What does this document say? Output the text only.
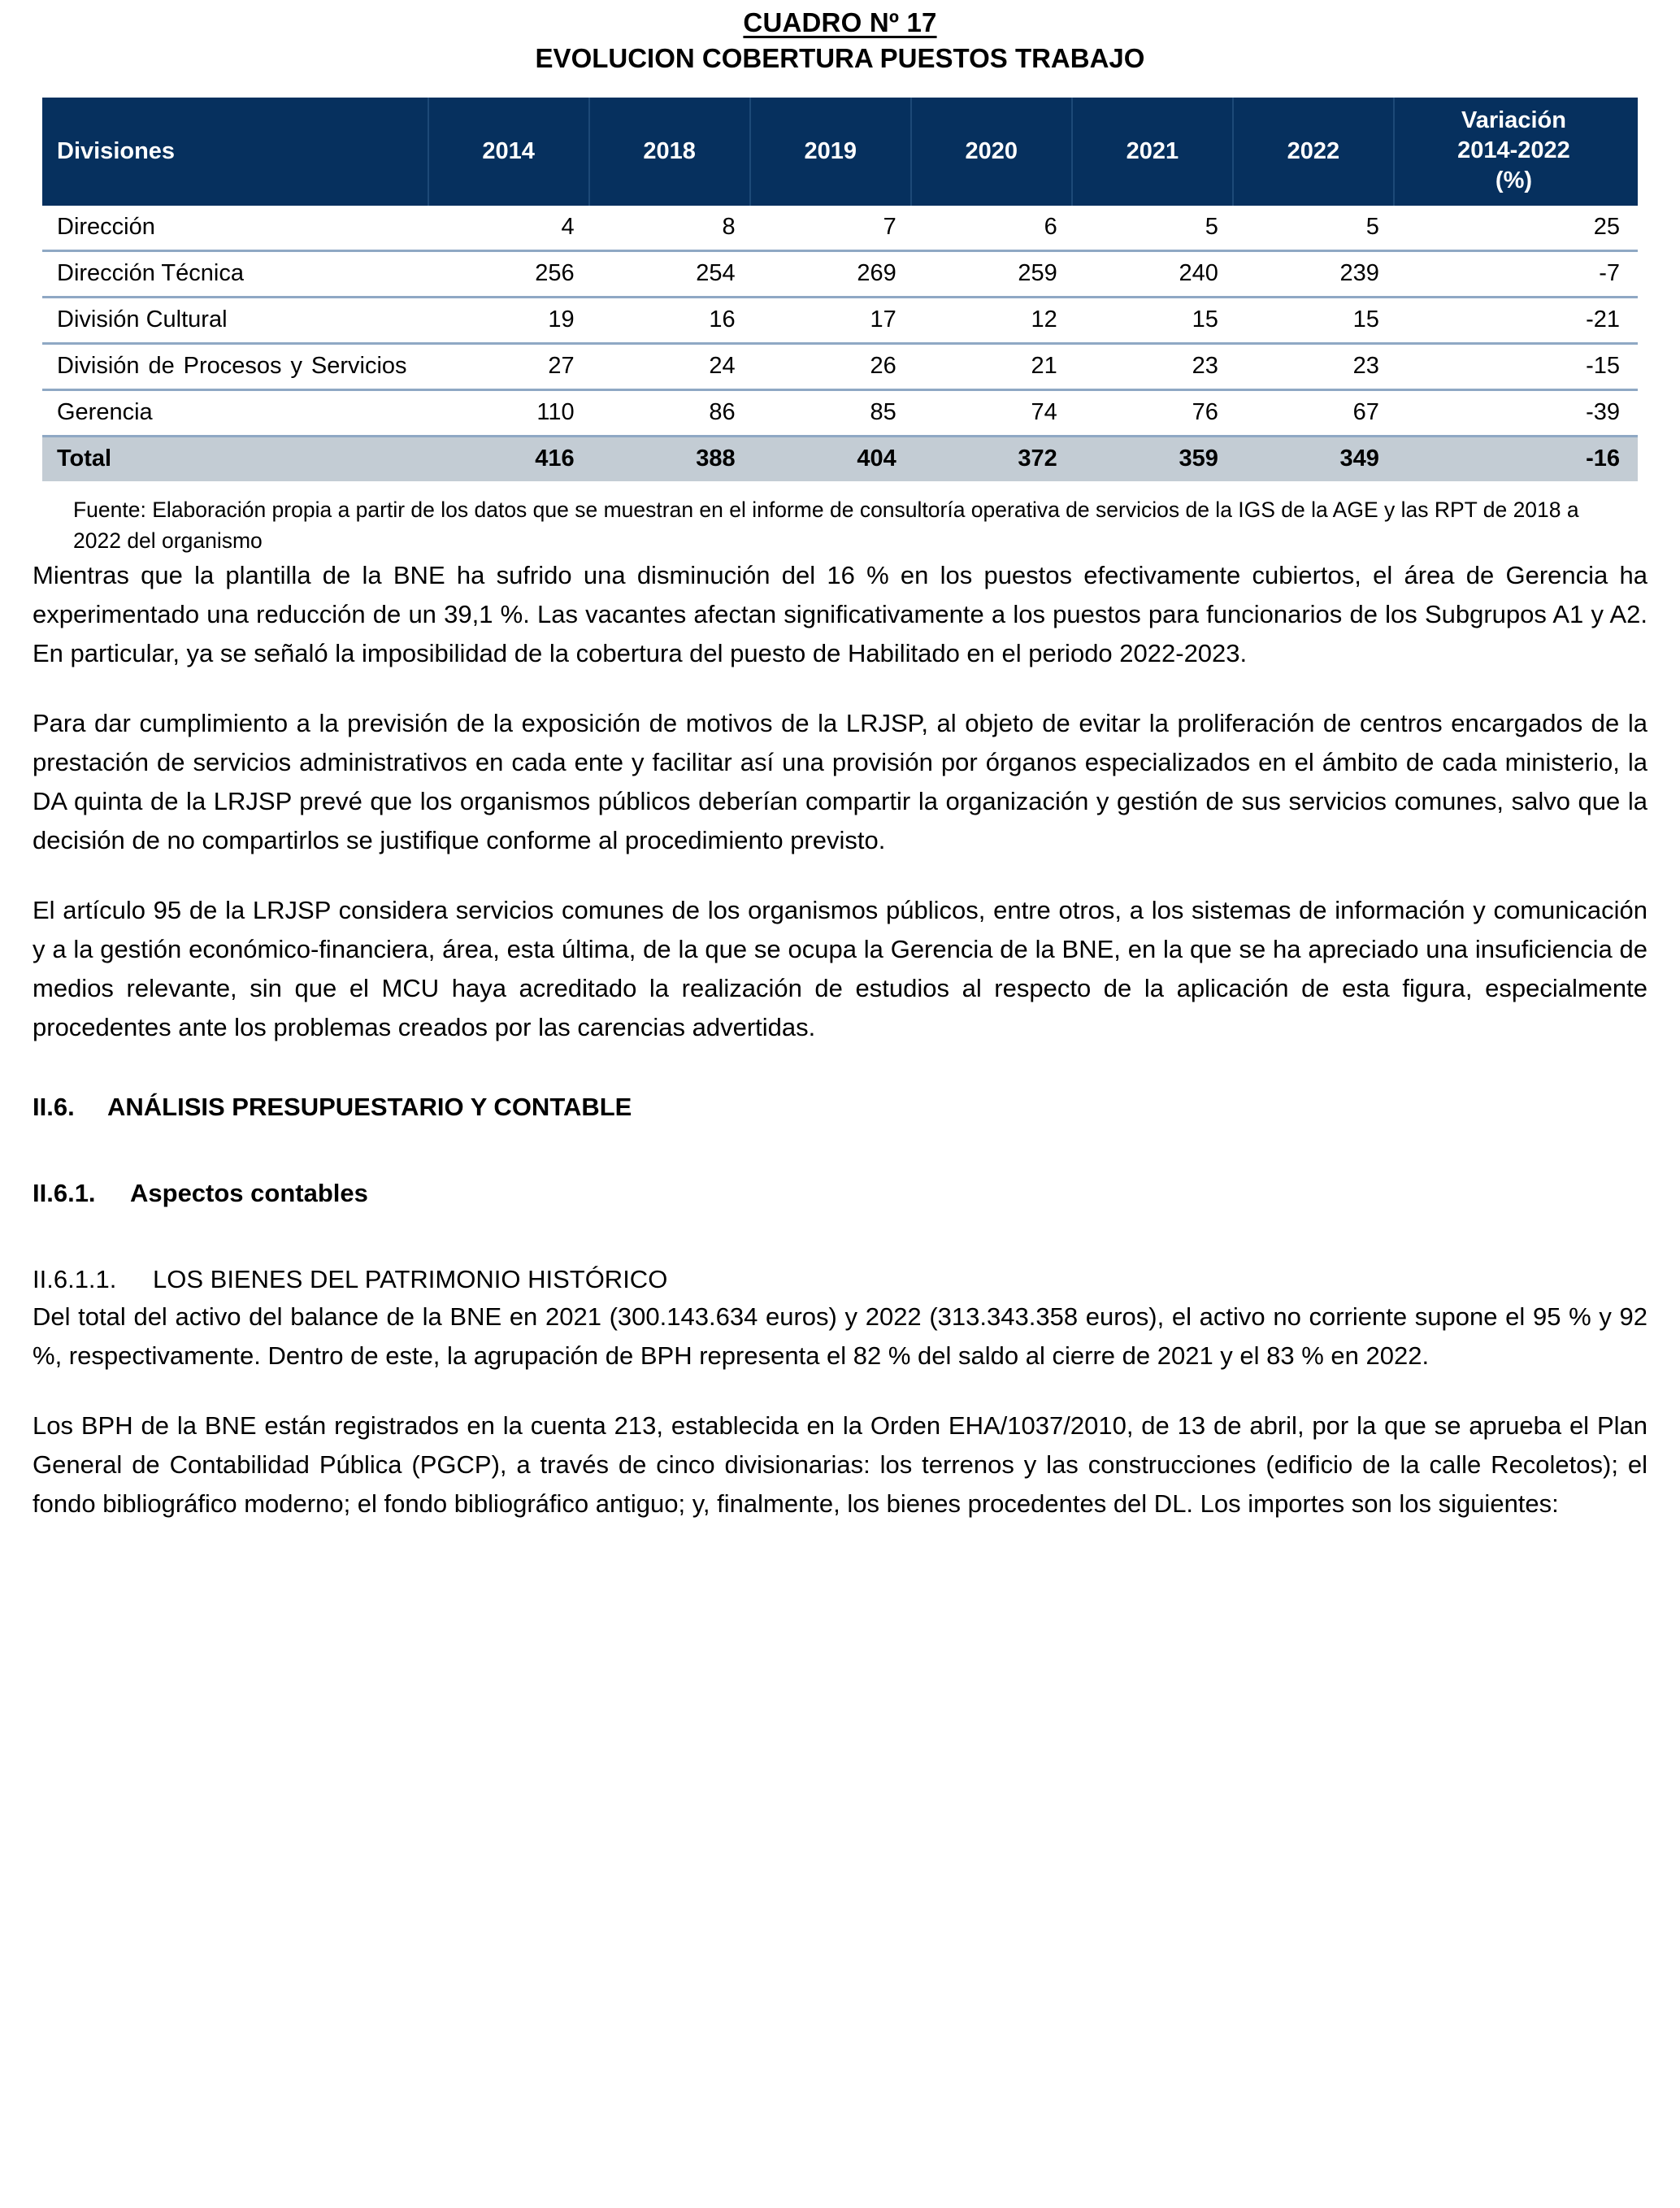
CUADRO Nº 17
EVOLUCION COBERTURA PUESTOS TRABAJO
Divisiones	2014	2018	2019	2020	2021	2022	Variación
2014-2022
(%)

Dirección	4	8	7	6	5	5	25
Dirección Técnica	256	254	269	259	240	239	-7
División Cultural	19	16	17	12	15	15	-21
División de Procesos y Servicios	27	24	26	21	23	23	-15
Gerencia	110	86	85	74	76	67	-39
Total	416	388	404	372	359	349	-16
Fuente: Elaboración propia a partir de los datos que se muestran en el informe de consultoría operativa de servicios de la IGS de la AGE y las RPT de 2018 a 2022 del organismo

Mientras que la plantilla de la BNE ha sufrido una disminución del 16 % en los puestos efectivamente cubiertos, el área de Gerencia ha experimentado una reducción de un 39,1 %. Las vacantes afectan significativamente a los puestos para funcionarios de los Subgrupos A1 y A2. En particular, ya se señaló la imposibilidad de la cobertura del puesto de Habilitado en el periodo 2022-2023.

Para dar cumplimiento a la previsión de la exposición de motivos de la LRJSP, al objeto de evitar la proliferación de centros encargados de la prestación de servicios administrativos en cada ente y facilitar así una provisión por órganos especializados en el ámbito de cada ministerio, la DA quinta de la LRJSP prevé que los organismos públicos deberían compartir la organización y gestión de sus servicios comunes, salvo que la decisión de no compartirlos se justifique conforme al procedimiento previsto.

El artículo 95 de la LRJSP considera servicios comunes de los organismos públicos, entre otros, a los sistemas de información y comunicación y a la gestión económico-financiera, área, esta última, de la que se ocupa la Gerencia de la BNE, en la que se ha apreciado una insuficiencia de medios relevante, sin que el MCU haya acreditado la realización de estudios al respecto de la aplicación de esta figura, especialmente procedentes ante los problemas creados por las carencias advertidas.

II.6.	ANÁLISIS PRESUPUESTARIO Y CONTABLE
II.6.1.	Aspectos contables
II.6.1.1.	LOS BIENES DEL PATRIMONIO HISTÓRICO

Del total del activo del balance de la BNE en 2021 (300.143.634 euros) y 2022 (313.343.358 euros), el activo no corriente supone el 95 % y 92 %, respectivamente. Dentro de este, la agrupación de BPH representa el 82 % del saldo al cierre de 2021 y el 83 % en 2022.

Los BPH de la BNE están registrados en la cuenta 213, establecida en la Orden EHA/1037/2010, de 13 de abril, por la que se aprueba el Plan General de Contabilidad Pública (PGCP), a través de cinco divisionarias: los terrenos y las construcciones (edificio de la calle Recoletos); el fondo bibliográfico moderno; el fondo bibliográfico antiguo; y, finalmente, los bienes procedentes del DL. Los importes son los siguientes:
